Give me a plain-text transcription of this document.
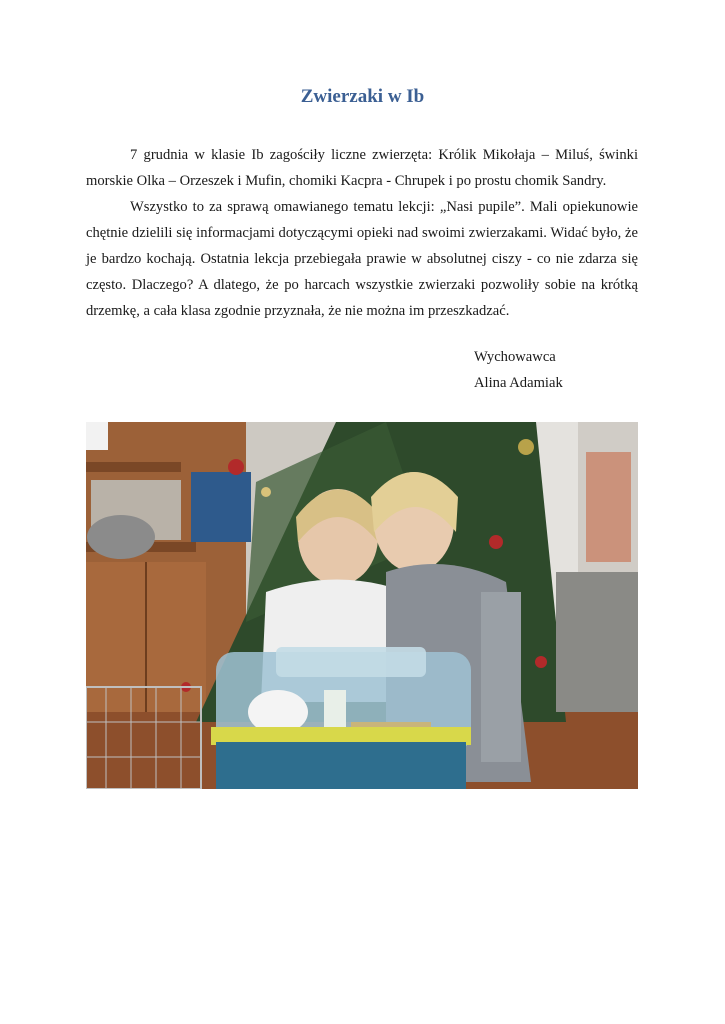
Zwierzaki w Ib

7 grudnia w klasie Ib zagościły liczne zwierzęta: Królik Mikołaja – Miluś, świnki morskie Olka – Orzeszek i Mufin, chomiki Kacpra - Chrupek i po prostu chomik Sandry.

Wszystko to za sprawą omawianego tematu lekcji: „Nasi pupile”. Mali opiekunowie chętnie dzielili się informacjami dotyczącymi opieki nad swoimi zwierzakami. Widać było, że je bardzo kochają. Ostatnia lekcja przebiegała prawie w absolutnej ciszy - co nie zdarza się często. Dlaczego? A dlatego, że po harcach wszystkie zwierzaki pozwoliły sobie na krótką drzemkę, a cała klasa zgodnie przyznała, że nie można im przeszkadzać.

Wychowawca
Alina Adamiak
